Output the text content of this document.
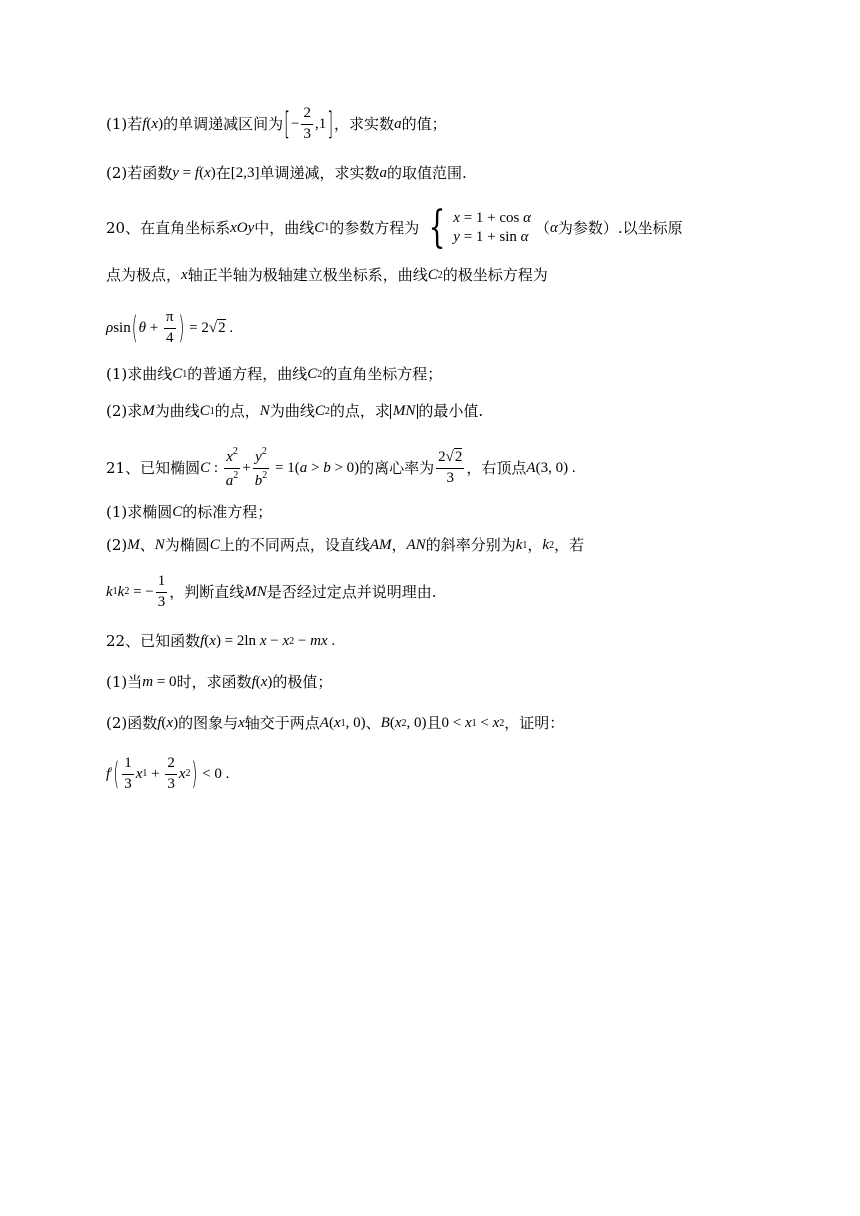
(1)若 f ( x ) 的单调递减区间为 [ − $\frac{2}{3} ,1$ ] ，求实数 a 的值；
(2)若函数 y = f ( x ) 在 [2,3] 单调递减，求实数 a 的取值范围.
20、在直角坐标系 xOy 中，曲线 C 1 的参数方程为 { x = 1 + cos α
y = 1 + sin α
（ α 为参数）.以坐标原
点为极点， x 轴正半轴为极轴建立极坐标系，曲线 C 2 的极坐标方程为
ρ sin ( $\theta + \frac{\pi}{4}$ ) = 2√2 .
(1)求曲线 C 1 的普通方程，曲线 C 2 的直角坐标方程；
(2)求 M 为曲线 C 1 的点， N 为曲线 C 2 的点，求 MN 的最小值.
21、已知椭圆 C : $\frac{x^2}{a^2} + \frac{y^2}{b^2} = 1(a > b > 0)$ 的离心率为 $\frac{2√2}{3}$ ，右顶点 A (3, 0) .
(1)求椭圆 C 的标准方程；
(2) M 、 N 为椭圆 C 上的不同两点，设直线 AM ， AN 的斜率分别为 k 1 ， k 2 ，若
k 1 k 2 = − $\frac{1}{3}$ ，判断直线 MN 是否经过定点并说明理由.
22、已知函数 f ( x ) = 2ln x − x 2 − mx .
(1)当 m = 0 时，求函数 f ( x ) 的极值；
(2)函数 f ( x ) 的图象与 x 轴交于两点 A ( x 1 , 0) 、 B ( x 2 , 0) 且 0 < x 1 < x 2 ，证明：
f ′ ( $\frac{1}{3}$ x $1 + \frac{2}{3}$ x 2 ) < 0 .
